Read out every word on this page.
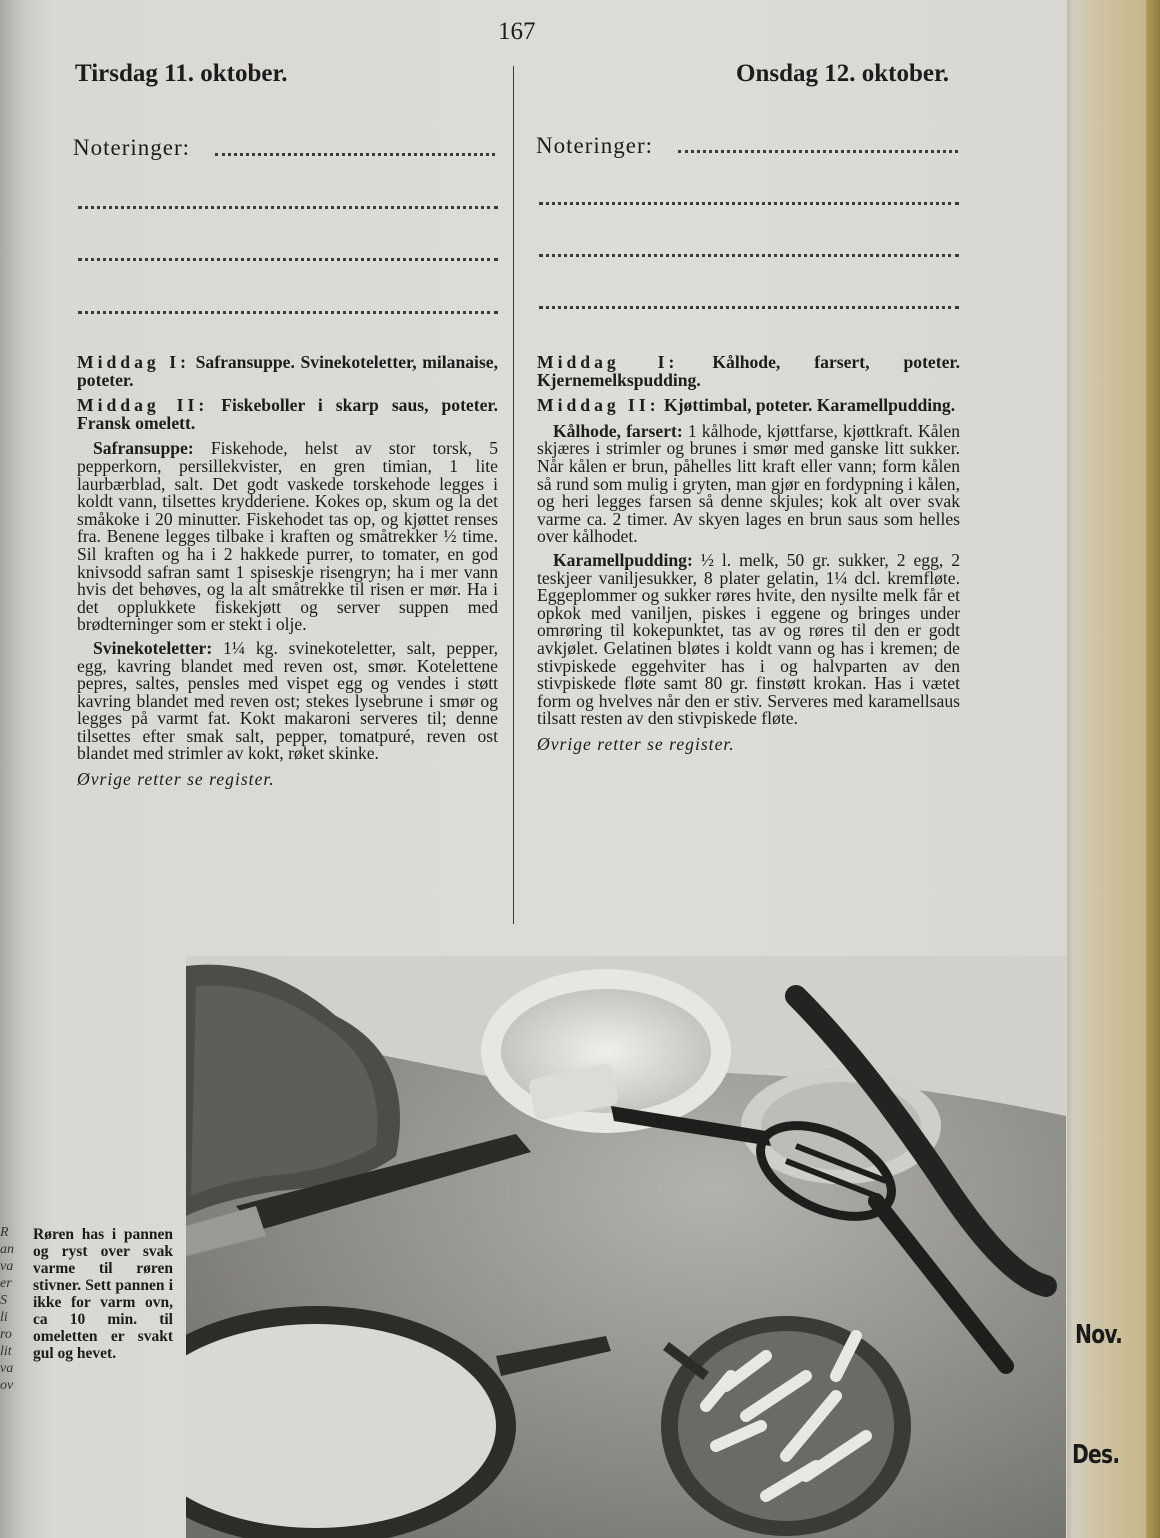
Nov.
Des.
167
Tirsdag 11. oktober.	Onsdag 12. oktober.
Noteringer:	Noteringer:

Middag I: Safransuppe. Svinekoteletter, milanaise, poteter.

Middag II: Fiskeboller i skarp saus, poteter. Fransk omelett.

Safransuppe: Fiskehode, helst av stor torsk, 5 pepperkorn, persillekvister, en gren timian, 1 lite laurbærblad, salt. Det godt vaskede torskehode legges i koldt vann, tilsettes krydderiene. Kokes op, skum og la det småkoke i 20 minutter. Fiskehodet tas op, og kjøttet renses fra. Benene legges tilbake i kraften og småtrekker ½ time. Sil kraften og ha i 2 hakkede purrer, to tomater, en god knivsodd safran samt 1 spiseskje risengryn; ha i mer vann hvis det behøves, og la alt småtrekke til risen er mør. Ha i det opplukkete fiskekjøtt og server suppen med brødterninger som er stekt i olje.

Svinekoteletter: 1¼ kg. svinekoteletter, salt, pepper, egg, kavring blandet med reven ost, smør. Kotelettene pepres, saltes, pensles med vispet egg og vendes i støtt kavring blandet med reven ost; stekes lysebrune i smør og legges på varmt fat. Kokt makaroni serveres til; denne tilsettes efter smak salt, pepper, tomatpuré, reven ost blandet med strimler av kokt, røket skinke.

Øvrige retter se register.

Middag I: Kålhode, farsert, poteter. Kjernemelkspudding.

Middag II: Kjøttimbal, poteter. Karamellpudding.

Kålhode, farsert: 1 kålhode, kjøttfarse, kjøttkraft. Kålen skjæres i strimler og brunes i smør med ganske litt sukker. Når kålen er brun, påhelles litt kraft eller vann; form kålen så rund som mulig i gryten, man gjør en fordypning i kålen, og heri legges farsen så denne skjules; kok alt over svak varme ca. 2 timer. Av skyen lages en brun saus som helles over kålhodet.

Karamellpudding: ½ l. melk, 50 gr. sukker, 2 egg, 2 teskjeer vaniljesukker, 8 plater gelatin, 1¼ dcl. kremfløte. Eggeplommer og sukker røres hvite, den nysilte melk får et opkok med vaniljen, piskes i eggene og bringes under omrøring til kokepunktet, tas av og røres til den er godt avkjølet. Gelatinen bløtes i koldt vann og has i kremen; de stivpiskede eggehviter has i og halvparten av den stivpiskede fløte samt 80 gr. finstøtt krokan. Has i vætet form og hvelves når den er stiv. Serveres med karamellsaus tilsatt resten av den stivpiskede fløte.

Øvrige retter se register.

R
an
va
er
S
li
ro
lit
va
ov
Røren has i pannen og ryst over svak varme til røren stivner. Sett pannen i ikke for varm ovn, ca 10 min. til omeletten er svakt gul og hevet.
